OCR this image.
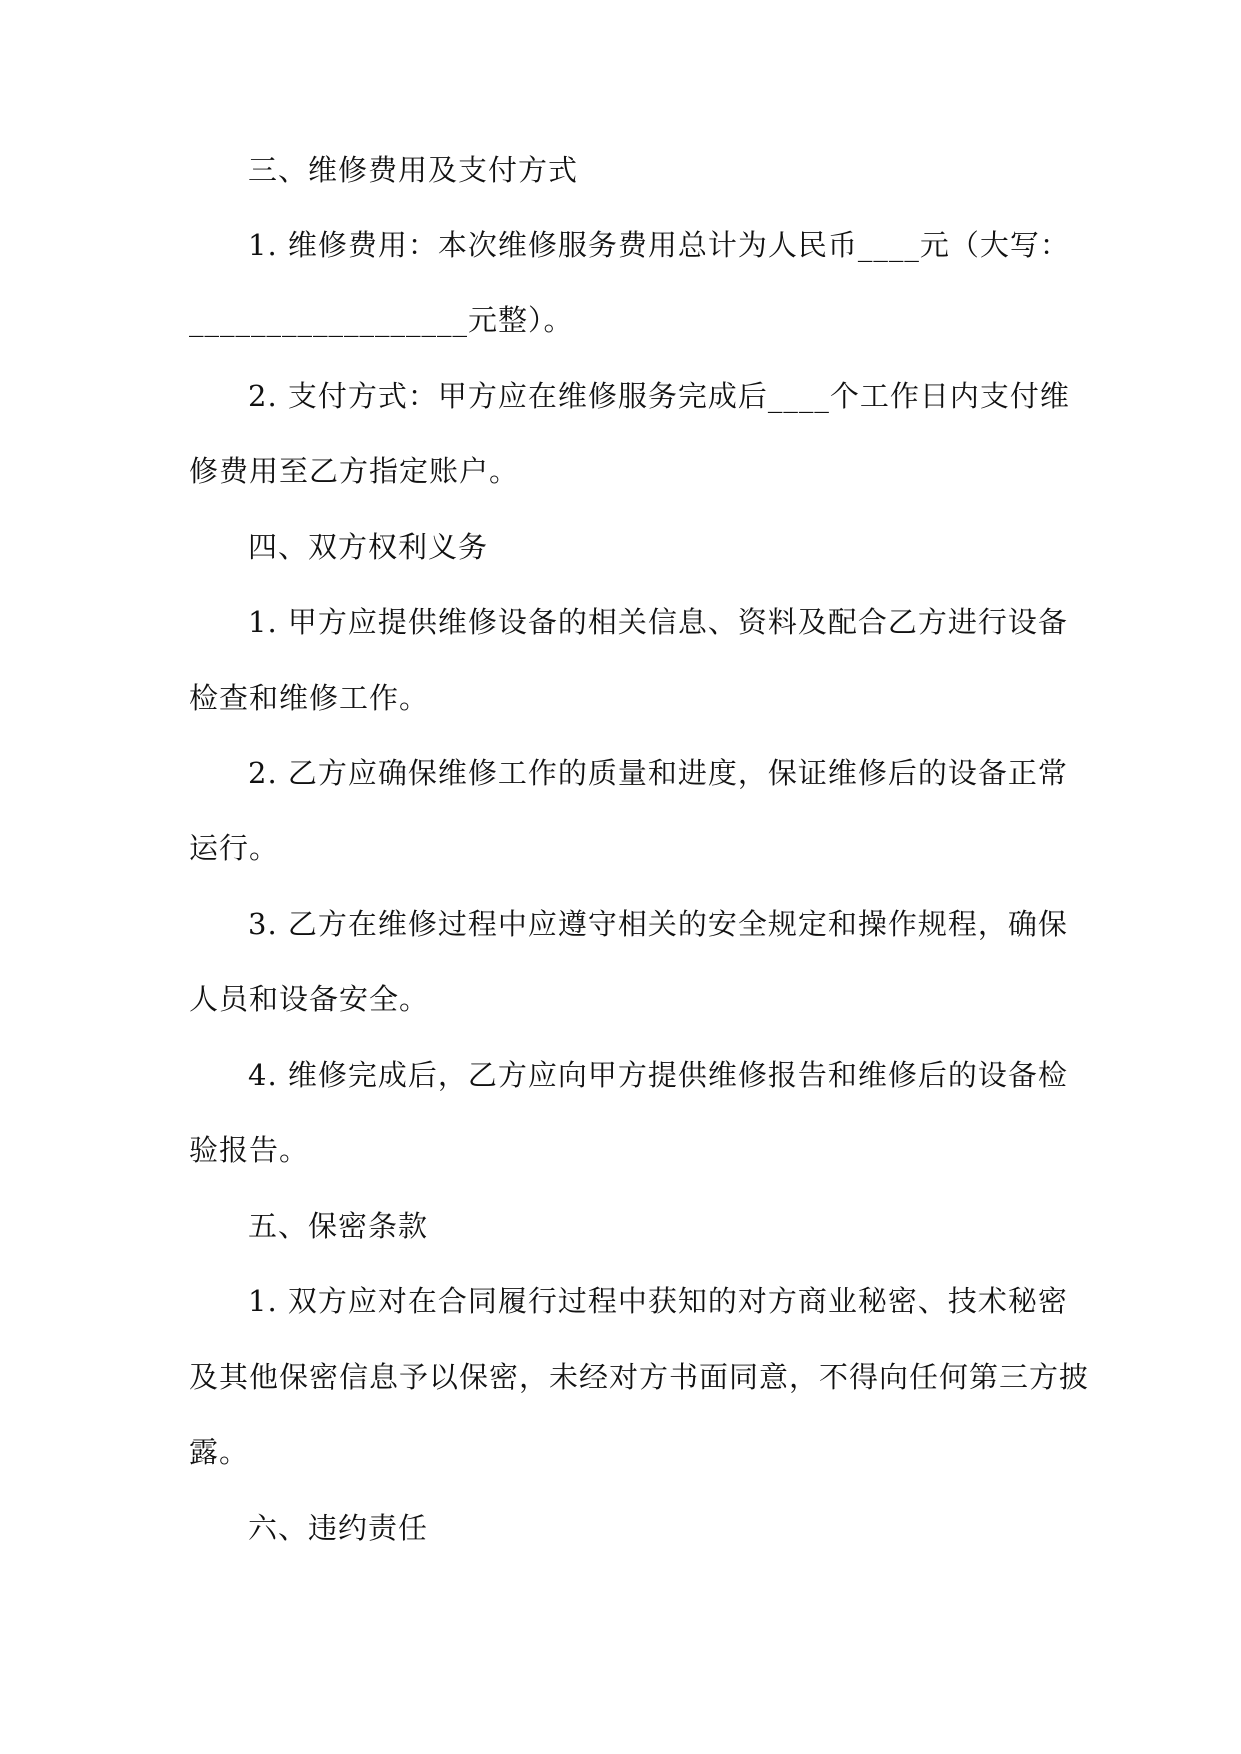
三、维修费用及支付方式
1. 维修费用：本次维修服务费用总计为人民币____元（大写：
__________________元整）。
2. 支付方式：甲方应在维修服务完成后____个工作日内支付维
修费用至乙方指定账户。
四、双方权利义务
1. 甲方应提供维修设备的相关信息、资料及配合乙方进行设备
检查和维修工作。
2. 乙方应确保维修工作的质量和进度，保证维修后的设备正常
运行。
3. 乙方在维修过程中应遵守相关的安全规定和操作规程，确保
人员和设备安全。
4. 维修完成后，乙方应向甲方提供维修报告和维修后的设备检
验报告。
五、保密条款
1. 双方应对在合同履行过程中获知的对方商业秘密、技术秘密
及其他保密信息予以保密，未经对方书面同意，不得向任何第三方披
露。
六、违约责任
